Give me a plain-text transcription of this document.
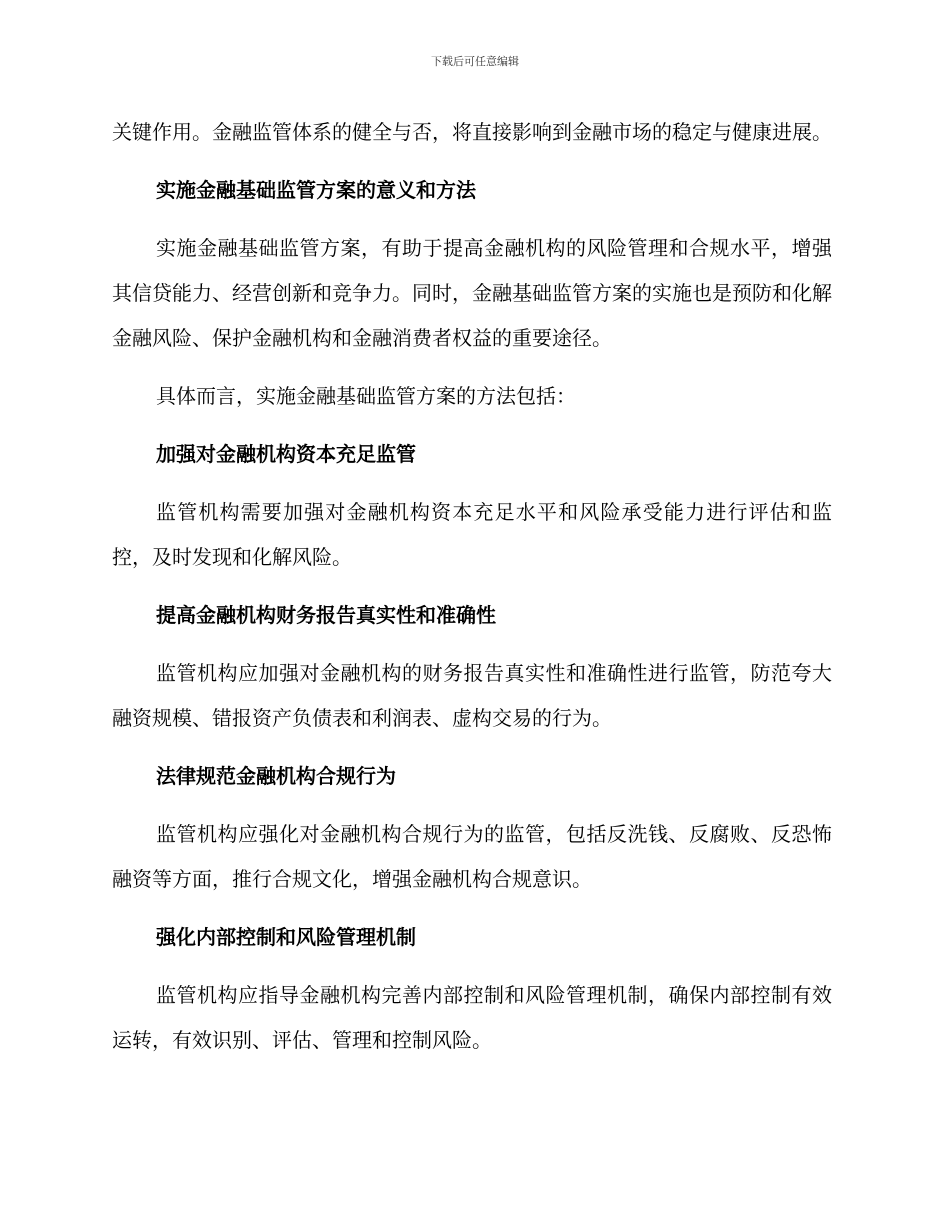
下载后可任意编辑

关键作用。金融监管体系的健全与否，将直接影响到金融市场的稳定与健康进展。

实施金融基础监管方案的意义和方法

实施金融基础监管方案，有助于提高金融机构的风险管理和合规水平，增强其信贷能力、经营创新和竞争力。同时，金融基础监管方案的实施也是预防和化解金融风险、保护金融机构和金融消费者权益的重要途径。

具体而言，实施金融基础监管方案的方法包括：

加强对金融机构资本充足监管

监管机构需要加强对金融机构资本充足水平和风险承受能力进行评估和监控，及时发现和化解风险。

提高金融机构财务报告真实性和准确性

监管机构应加强对金融机构的财务报告真实性和准确性进行监管，防范夸大融资规模、错报资产负债表和利润表、虚构交易的行为。

法律规范金融机构合规行为

监管机构应强化对金融机构合规行为的监管，包括反洗钱、反腐败、反恐怖融资等方面，推行合规文化，增强金融机构合规意识。

强化内部控制和风险管理机制

监管机构应指导金融机构完善内部控制和风险管理机制，确保内部控制有效运转，有效识别、评估、管理和控制风险。
